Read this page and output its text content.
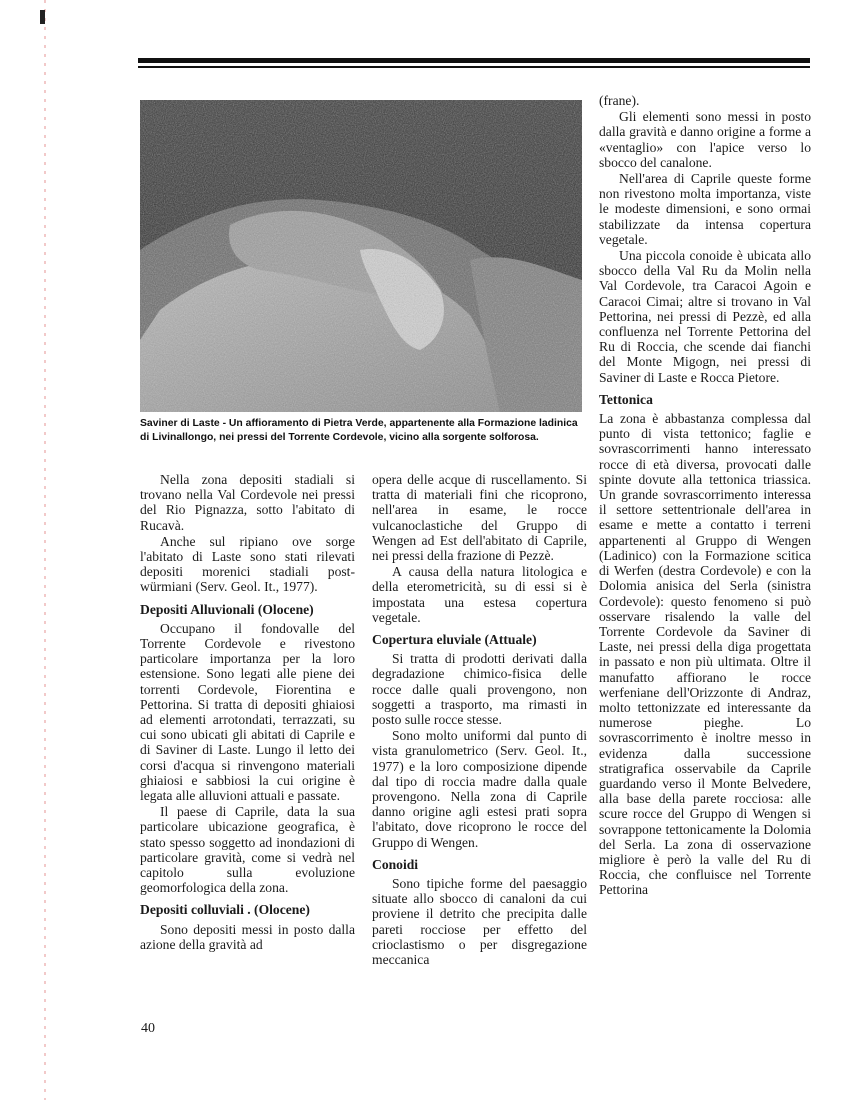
Saviner di Laste - Un affioramento di Pietra Verde, appartenente alla Formazione ladinica di Livinallongo, nei pressi del Torrente Cordevole, vicino alla sorgente solforosa.

Nella zona depositi stadiali si trovano nella Val Cordevole nei pressi del Rio Pignazza, sotto l'abitato di Rucavà.

Anche sul ripiano ove sorge l'abitato di Laste sono stati rilevati depositi morenici stadiali post-würmiani (Serv. Geol. It., 1977).

Depositi Alluvionali (Olocene)

Occupano il fondovalle del Torrente Cordevole e rivestono particolare importanza per la loro estensione. Sono legati alle piene dei torrenti Cordevole, Fiorentina e Pettorina. Si tratta di depositi ghiaiosi ad elementi arrotondati, terrazzati, su cui sono ubicati gli abitati di Caprile e di Saviner di Laste. Lungo il letto dei corsi d'acqua si rinvengono materiali ghiaiosi e sabbiosi la cui origine è legata alle alluvioni attuali e passate.

Il paese di Caprile, data la sua particolare ubicazione geografica, è stato spesso soggetto ad inondazioni di particolare gravità, come si vedrà nel capitolo sulla evoluzione geomorfologica della zona.

Depositi colluviali . (Olocene)

Sono depositi messi in posto dalla azione della gravità ad

opera delle acque di ruscellamento. Si tratta di materiali fini che ricoprono, nell'area in esame, le rocce vulcanoclastiche del Gruppo di Wengen ad Est dell'abitato di Caprile, nei pressi della frazione di Pezzè.

A causa della natura litologica e della eterometricità, su di essi si è impostata una estesa copertura vegetale.

Copertura eluviale (Attuale)

Si tratta di prodotti derivati dalla degradazione chimico-fisica delle rocce dalle quali provengono, non soggetti a trasporto, ma rimasti in posto sulle rocce stesse.

Sono molto uniformi dal punto di vista granulometrico (Serv. Geol. It., 1977) e la loro composizione dipende dal tipo di roccia madre dalla quale provengono. Nella zona di Caprile danno origine agli estesi prati sopra l'abitato, dove ricoprono le rocce del Gruppo di Wengen.

Conoidi

Sono tipiche forme del paesaggio situate allo sbocco di canaloni da cui proviene il detrito che precipita dalle pareti rocciose per effetto del crioclastismo o per disgregazione meccanica

(frane).

Gli elementi sono messi in posto dalla gravità e danno origine a forme a «ventaglio» con l'apice verso lo sbocco del canalone.

Nell'area di Caprile queste forme non rivestono molta importanza, viste le modeste dimensioni, e sono ormai stabilizzate da intensa copertura vegetale.

Una piccola conoide è ubicata allo sbocco della Val Ru da Molin nella Val Cordevole, tra Caracoi Agoin e Caracoi Cimai; altre si trovano in Val Pettorina, nei pressi di Pezzè, ed alla confluenza nel Torrente Pettorina del Ru di Roccia, che scende dai fianchi del Monte Migogn, nei pressi di Saviner di Laste e Rocca Pietore.

Tettonica

La zona è abbastanza complessa dal punto di vista tettonico; faglie e sovrascorrimenti hanno interessato rocce di età diversa, provocati dalle spinte dovute alla tettonica triassica. Un grande sovrascorrimento interessa il settore settentrionale dell'area in esame e mette a contatto i terreni appartenenti al Gruppo di Wengen (Ladinico) con la Formazione scitica di Werfen (destra Cordevole) e con la Dolomia anisica del Serla (sinistra Cordevole): questo fenomeno si può osservare risalendo la valle del Torrente Cordevole da Saviner di Laste, nei pressi della diga progettata in passato e non più ultimata. Oltre il manufatto affiorano le rocce werfeniane dell'Orizzonte di Andraz, molto tettonizzate ed interessante da numerose pieghe. Lo sovrascorrimento è inoltre messo in evidenza dalla successione stratigrafica osservabile da Caprile guardando verso il Monte Belvedere, alla base della parete rocciosa: alle scure rocce del Gruppo di Wengen si sovrappone tettonicamente la Dolomia del Serla. La zona di osservazione migliore è però la valle del Ru di Roccia, che confluisce nel Torrente Pettorina

40
